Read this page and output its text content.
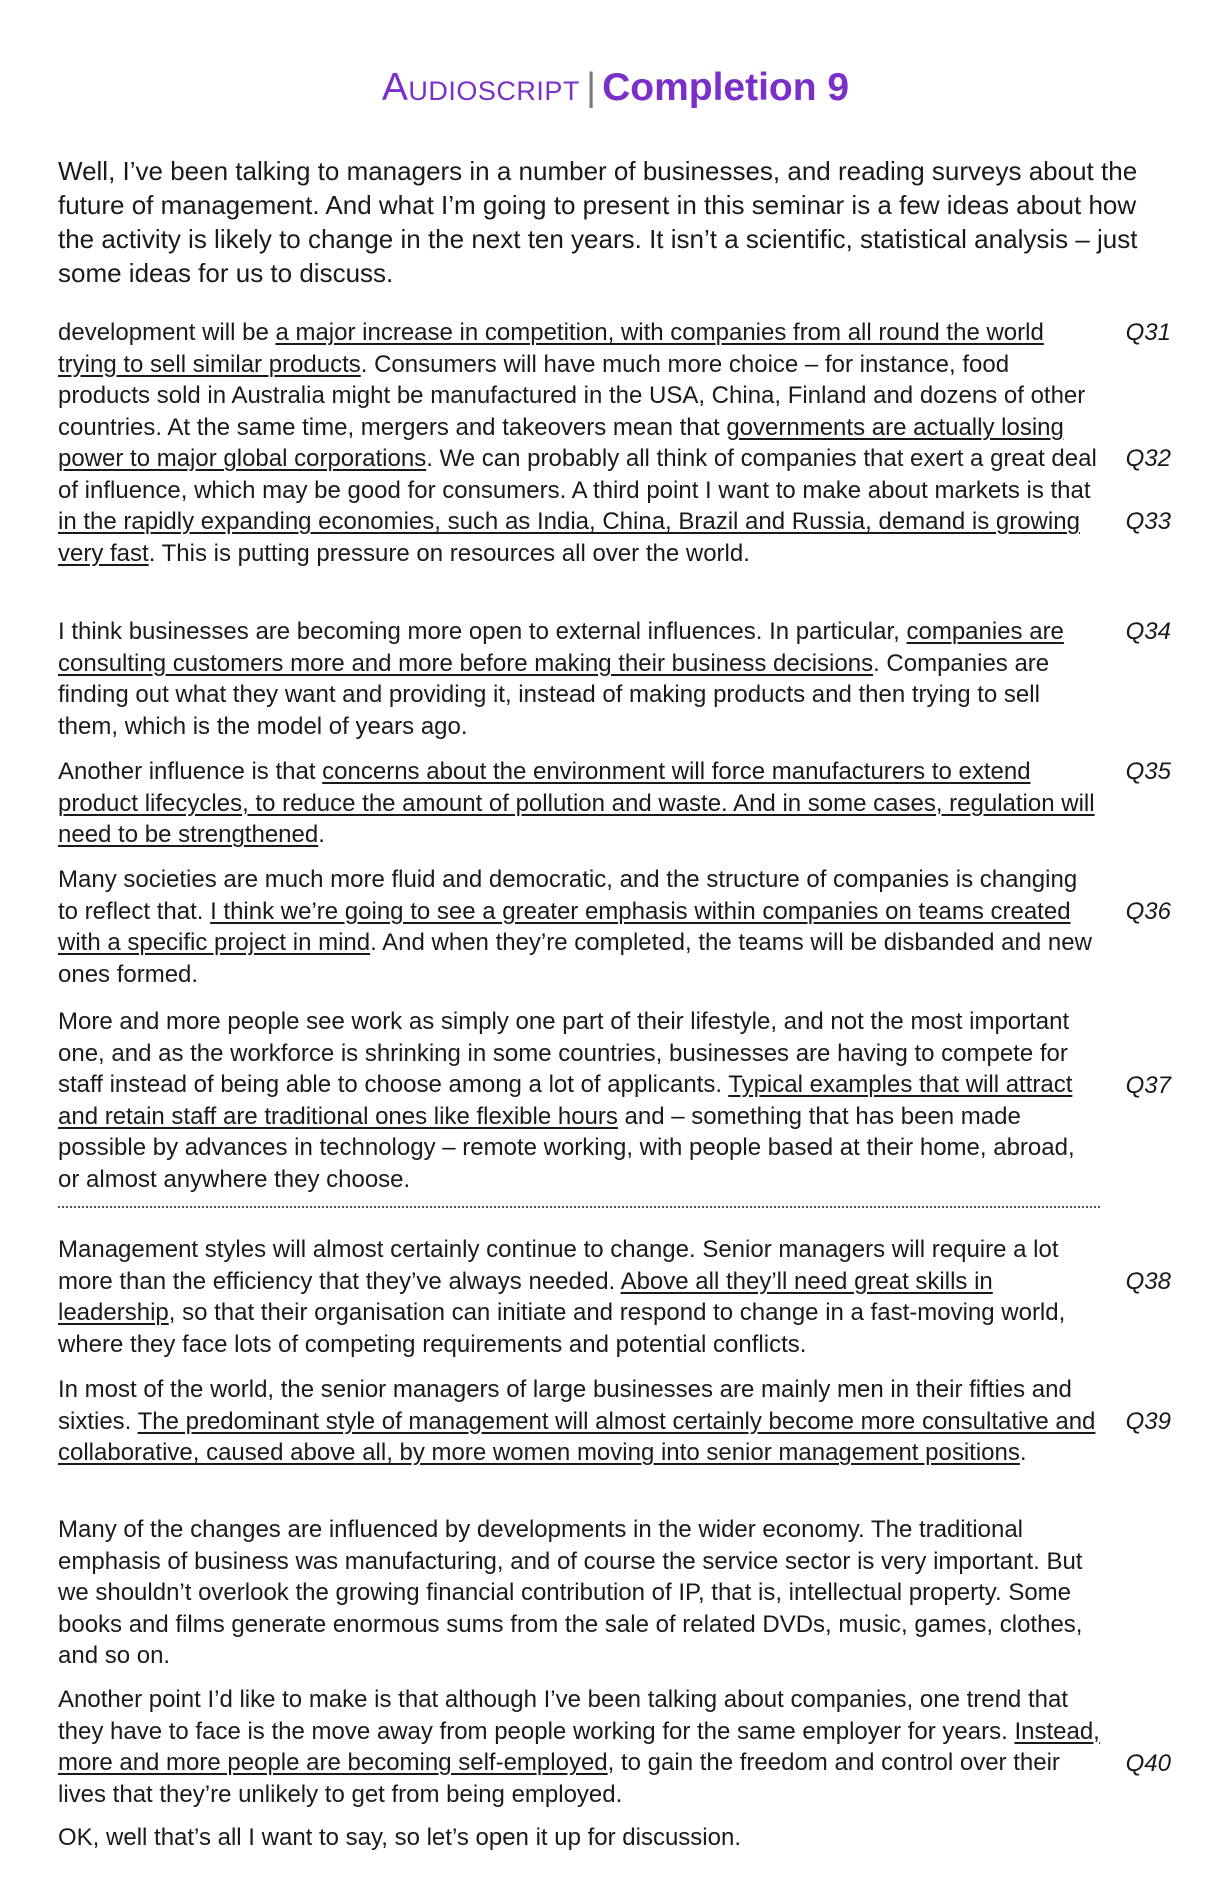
Audioscript | Completion 9
Well, I’ve been talking to managers in a number of businesses, and reading surveys about the future of management. And what I’m going to present in this seminar is a few ideas about how the activity is likely to change in the next ten years. It isn’t a scientific, statistical analysis – just some ideas for us to discuss.
development will be a major increase in competition, with companies from all round the world trying to sell similar products. Consumers will have much more choice – for instance, food products sold in Australia might be manufactured in the USA, China, Finland and dozens of other countries. At the same time, mergers and takeovers mean that governments are actually losing power to major global corporations. We can probably all think of companies that exert a great deal of influence, which may be good for consumers. A third point I want to make about markets is that in the rapidly expanding economies, such as India, China, Brazil and Russia, demand is growing very fast. This is putting pressure on resources all over the world.
Q31
Q32
Q33
I think businesses are becoming more open to external influences. In particular, companies are consulting customers more and more before making their business decisions. Companies are finding out what they want and providing it, instead of making products and then trying to sell them, which is the model of years ago.
Q34
Another influence is that concerns about the environment will force manufacturers to extend product lifecycles, to reduce the amount of pollution and waste. And in some cases, regulation will need to be strengthened.
Q35
Many societies are much more fluid and democratic, and the structure of companies is changing to reflect that. I think we’re going to see a greater emphasis within companies on teams created with a specific project in mind. And when they’re completed, the teams will be disbanded and new ones formed.
Q36
More and more people see work as simply one part of their lifestyle, and not the most important one, and as the workforce is shrinking in some countries, businesses are having to compete for staff instead of being able to choose among a lot of applicants. Typical examples that will attract and retain staff are traditional ones like flexible hours and – something that has been made possible by advances in technology – remote working, with people based at their home, abroad, or almost anywhere they choose.
Q37
Management styles will almost certainly continue to change. Senior managers will require a lot more than the efficiency that they’ve always needed. Above all they’ll need great skills in leadership, so that their organisation can initiate and respond to change in a fast-moving world, where they face lots of competing requirements and potential conflicts.
Q38
In most of the world, the senior managers of large businesses are mainly men in their fifties and sixties. The predominant style of management will almost certainly become more consultative and collaborative, caused above all, by more women moving into senior management positions.
Q39
Many of the changes are influenced by developments in the wider economy. The traditional emphasis of business was manufacturing, and of course the service sector is very important. But we shouldn’t overlook the growing financial contribution of IP, that is, intellectual property. Some books and films generate enormous sums from the sale of related DVDs, music, games, clothes, and so on.
Another point I’d like to make is that although I’ve been talking about companies, one trend that they have to face is the move away from people working for the same employer for years. Instead, more and more people are becoming self-employed, to gain the freedom and control over their lives that they’re unlikely to get from being employed.
Q40
OK, well that’s all I want to say, so let’s open it up for discussion.
